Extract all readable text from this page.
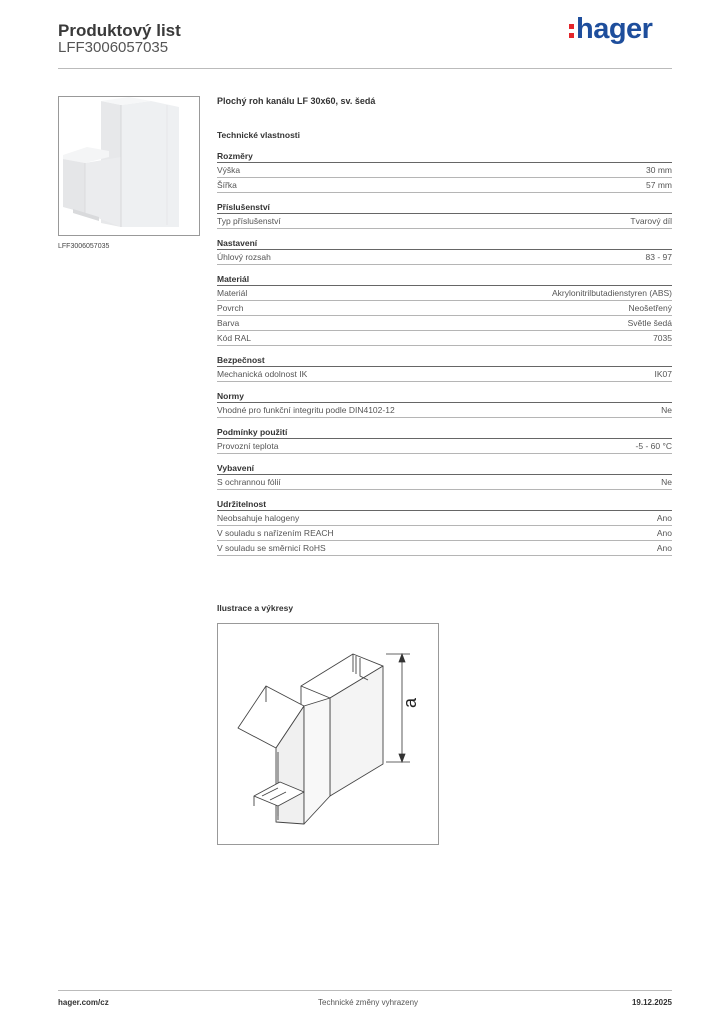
Produktový list
LFF3006057035
hager
LFF3006057035
Plochý roh kanálu LF 30x60, sv. šedá
Technické vlastnosti
Rozměry
Výška	30 mm
Šířka	57 mm
Příslušenství
Typ příslušenství	Tvarový díl
Nastavení
Úhlový rozsah	83 - 97
Materiál
Materiál	Akrylonitrilbutadienstyren (ABS)
Povrch	Neošetřený
Barva	Světle šedá
Kód RAL	7035
Bezpečnost
Mechanická odolnost IK	IK07
Normy
Vhodné pro funkční integritu podle DIN4102-12	Ne
Podmínky použití
Provozní teplota	-5 - 60 °C
Vybavení
S ochrannou fólií	Ne
Udržitelnost
Neobsahuje halogeny	Ano
V souladu s nařízením REACH	Ano
V souladu se směrnicí RoHS	Ano
Ilustrace a výkresy
a
hager.com/cz	Technické změny vyhrazeny	19.12.2025
